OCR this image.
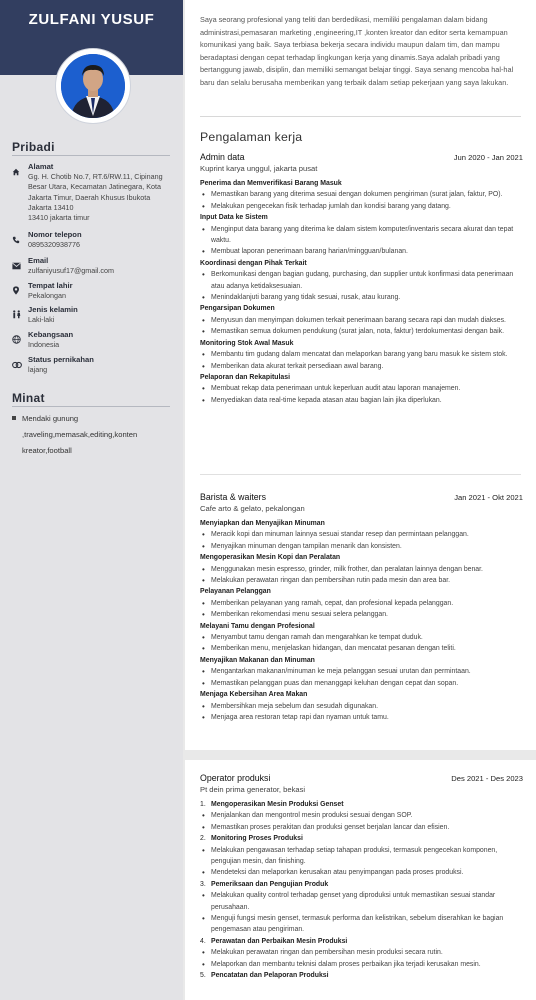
ZULFANI YUSUF
Pribadi
Alamat
Gg. H. Chotib No.7, RT.6/RW.11, Cipinang Besar Utara, Kecamatan Jatinegara, Kota Jakarta Timur, Daerah Khusus Ibukota Jakarta 13410
13410 jakarta timur
Nomor telepon
0895320938776
Email
zulfaniyusuf17@gmail.com
Tempat lahir
Pekalongan
Jenis kelamin
Laki-laki
Kebangsaan
Indonesia
Status pernikahan
lajang
Minat
Mendaki gunung
,traveling,memasak,editing,konten
kreator,football
Saya seorang profesional yang teliti dan berdedikasi, memiliki pengalaman dalam bidang administrasi,pemasaran marketing ,engineering,IT ,konten kreator dan editor serta kemampuan komunikasi yang baik. Saya terbiasa bekerja secara individu maupun dalam tim, dan mampu beradaptasi dengan cepat terhadap lingkungan kerja yang dinamis.Saya adalah pribadi yang bertanggung jawab, disiplin, dan memiliki semangat belajar tinggi. Saya senang mencoba hal-hal baru dan selalu berusaha memberikan yang terbaik dalam setiap pekerjaan yang saya lakukan.
Pengalaman kerja
Admin data	Jun 2020 - Jan 2021
Kuprint karya unggul, jakarta pusat
Penerima dan Memverifikasi Barang Masuk
• Memastikan barang yang diterima sesuai dengan dokumen pengiriman (surat jalan, faktur, PO).
• Melakukan pengecekan fisik terhadap jumlah dan kondisi barang yang datang.
Input Data ke Sistem
• Menginput data barang yang diterima ke dalam sistem komputer/inventaris secara akurat dan tepat waktu.
• Membuat laporan penerimaan barang harian/mingguan/bulanan.
Koordinasi dengan Pihak Terkait
• Berkomunikasi dengan bagian gudang, purchasing, dan supplier untuk konfirmasi data penerimaan atau adanya ketidaksesuaian.
• Menindaklanjuti barang yang tidak sesuai, rusak, atau kurang.
Pengarsipan Dokumen
• Menyusun dan menyimpan dokumen terkait penerimaan barang secara rapi dan mudah diakses.
• Memastikan semua dokumen pendukung (surat jalan, nota, faktur) terdokumentasi dengan baik.
Monitoring Stok Awal Masuk
• Membantu tim gudang dalam mencatat dan melaporkan barang yang baru masuk ke sistem stok.
• Memberikan data akurat terkait persediaan awal barang.
Pelaporan dan Rekapitulasi
• Membuat rekap data penerimaan untuk keperluan audit atau laporan manajemen.
• Menyediakan data real-time kepada atasan atau bagian lain jika diperlukan.
Barista & waiters	Jan 2021 - Okt 2021
Cafe arto & gelato, pekalongan
Menyiapkan dan Menyajikan Minuman
• Meracik kopi dan minuman lainnya sesuai standar resep dan permintaan pelanggan.
• Menyajikan minuman dengan tampilan menarik dan konsisten.
Mengoperasikan Mesin Kopi dan Peralatan
• Menggunakan mesin espresso, grinder, milk frother, dan peralatan lainnya dengan benar.
• Melakukan perawatan ringan dan pembersihan rutin pada mesin dan area bar.
Pelayanan Pelanggan
• Memberikan pelayanan yang ramah, cepat, dan profesional kepada pelanggan.
• Memberikan rekomendasi menu sesuai selera pelanggan.
Melayani Tamu dengan Profesional
• Menyambut tamu dengan ramah dan mengarahkan ke tempat duduk.
• Memberikan menu, menjelaskan hidangan, dan mencatat pesanan dengan teliti.
Menyajikan Makanan dan Minuman
• Mengantarkan makanan/minuman ke meja pelanggan sesuai urutan dan permintaan.
• Memastikan pelanggan puas dan menanggapi keluhan dengan cepat dan sopan.
Menjaga Kebersihan Area Makan
• Membersihkan meja sebelum dan sesudah digunakan.
• Menjaga area restoran tetap rapi dan nyaman untuk tamu.
Operator produksi	Des 2021 - Des 2023
Pt dein prima generator, bekasi
1. Mengoperasikan Mesin Produksi Genset
• Menjalankan dan mengontrol mesin produksi sesuai dengan SOP.
• Memastikan proses perakitan dan produksi genset berjalan lancar dan efisien.
2. Monitoring Proses Produksi
• Melakukan pengawasan terhadap setiap tahapan produksi, termasuk pengecekan komponen, pengujian mesin, dan finishing.
• Mendeteksi dan melaporkan kerusakan atau penyimpangan pada proses produksi.
3. Pemeriksaan dan Pengujian Produk
• Melakukan quality control terhadap genset yang diproduksi untuk memastikan sesuai standar perusahaan.
• Menguji fungsi mesin genset, termasuk performa dan kelistrikan, sebelum diserahkan ke bagian pengemasan atau pengiriman.
4. Perawatan dan Perbaikan Mesin Produksi
• Melakukan perawatan ringan dan pembersihan mesin produksi secara rutin.
• Melaporkan dan membantu teknisi dalam proses perbaikan jika terjadi kerusakan mesin.
5. Pencatatan dan Pelaporan Produksi
